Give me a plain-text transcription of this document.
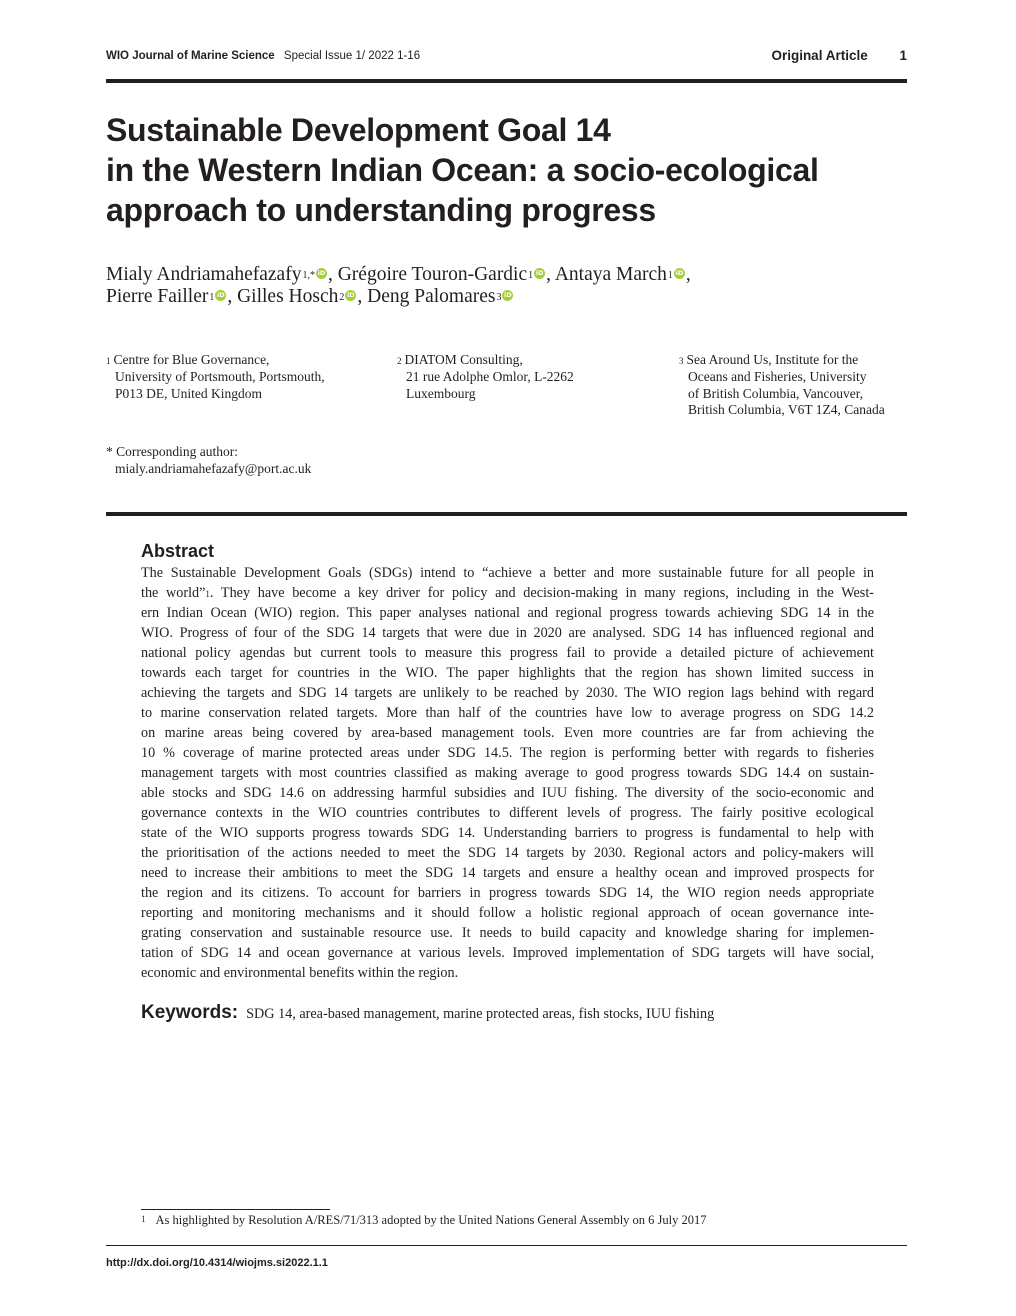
WIO Journal of Marine Science Special Issue 1/ 2022 1-16	Original Article 1
Sustainable Development Goal 14
in the Western Indian Ocean: a socio-ecological
approach to understanding progress
Mialy Andriamahefazafy$^{1,*}$ iD , Grégoire Touron-Gardic$^1$ iD , Antaya March$^1$ iD ,
Pierre Failler$^1$ iD , Gilles Hosch$^2$ iD , Deng Palomares$^3$ iD
$^1$ Centre for Blue Governance,
University of Portsmouth, Portsmouth,
P013 DE, United Kingdom
$^2$ DIATOM Consulting,
21 rue Adolphe Omlor, L-2262
Luxembourg
$^3$ Sea Around Us, Institute for the
Oceans and Fisheries, University
of British Columbia, Vancouver,
British Columbia, V6T 1Z4, Canada
* Corresponding author:
mialy.andriamahefazafy@port.ac.uk
Abstract
The Sustainable Development Goals (SDGs) intend to “achieve a better and more sustainable future for all people in
the world”$^1$. They have become a key driver for policy and decision-making in many regions, including in the West-
ern Indian Ocean (WIO) region. This paper analyses national and regional progress towards achieving SDG 14 in the
WIO. Progress of four of the SDG 14 targets that were due in 2020 are analysed. SDG 14 has influenced regional and
national policy agendas but current tools to measure this progress fail to provide a detailed picture of achievement
towards each target for countries in the WIO. The paper highlights that the region has shown limited success in
achieving the targets and SDG 14 targets are unlikely to be reached by 2030. The WIO region lags behind with regard
to marine conservation related targets. More than half of the countries have low to average progress on SDG 14.2
on marine areas being covered by area-based management tools. Even more countries are far from achieving the
10 % coverage of marine protected areas under SDG 14.5. The region is performing better with regards to fisheries
management targets with most countries classified as making average to good progress towards SDG 14.4 on sustain-
able stocks and SDG 14.6 on addressing harmful subsidies and IUU fishing. The diversity of the socio-economic and
governance contexts in the WIO countries contributes to different levels of progress. The fairly positive ecological
state of the WIO supports progress towards SDG 14. Understanding barriers to progress is fundamental to help with
the prioritisation of the actions needed to meet the SDG 14 targets by 2030. Regional actors and policy-makers will
need to increase their ambitions to meet the SDG 14 targets and ensure a healthy ocean and improved prospects for
the region and its citizens. To account for barriers in progress towards SDG 14, the WIO region needs appropriate
reporting and monitoring mechanisms and it should follow a holistic regional approach of ocean governance inte-
grating conservation and sustainable resource use. It needs to build capacity and knowledge sharing for implemen-
tation of SDG 14 and ocean governance at various levels. Improved implementation of SDG targets will have social,
economic and environmental benefits within the region.
Keywords: SDG 14, area-based management, marine protected areas, fish stocks, IUU fishing
$^1$ As highlighted by Resolution A/RES/71/313 adopted by the United Nations General Assembly on 6 July 2017
http://dx.doi.org/10.4314/wiojms.si2022.1.1
